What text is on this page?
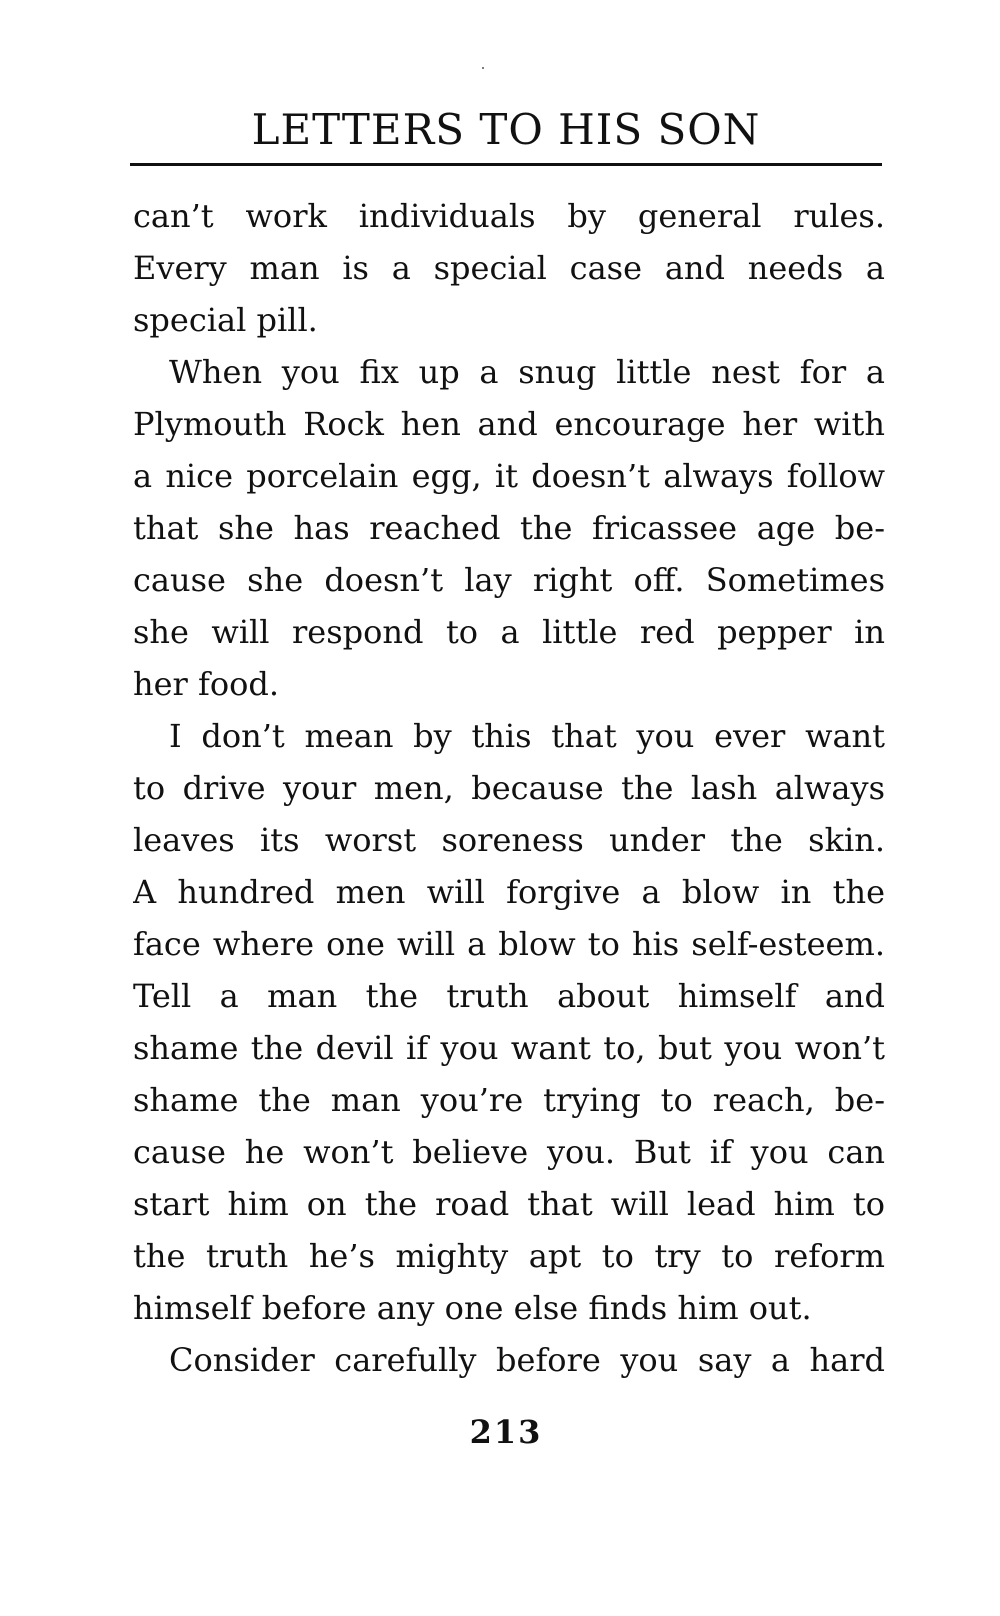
LETTERS TO HIS SON
can’t work individuals by general rules.
Every man is a special case and needs a
special pill.
When you fix up a snug little nest for a
Plymouth Rock hen and encourage her with
a nice porcelain egg, it doesn’t always follow
that she has reached the fricassee age be-
cause she doesn’t lay right off. Sometimes
she will respond to a little red pepper in
her food.
I don’t mean by this that you ever want
to drive your men, because the lash always
leaves its worst soreness under the skin.
A hundred men will forgive a blow in the
face where one will a blow to his self-esteem.
Tell a man the truth about himself and
shame the devil if you want to, but you won’t
shame the man you’re trying to reach, be-
cause he won’t believe you. But if you can
start him on the road that will lead him to
the truth he’s mighty apt to try to reform
himself before any one else finds him out.
Consider carefully before you say a hard
213
